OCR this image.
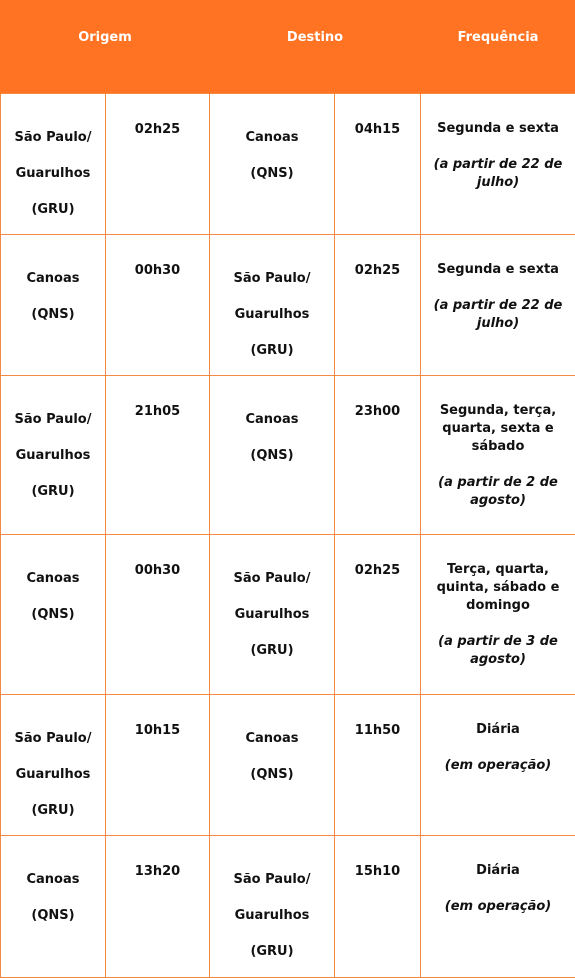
Origem		Destino		Frequência

São Paulo/
Guarulhos
(GRU)	02h25	Canoas
(QNS)	04h15	Segunda e sexta
(a partir de 22 de julho)

Canoas
(QNS)	00h30	São Paulo/
Guarulhos
(GRU)	02h25	Segunda e sexta
(a partir de 22 de julho)

São Paulo/
Guarulhos
(GRU)	21h05	Canoas
(QNS)	23h00	Segunda, terça, quarta, sexta e sábado
(a partir de 2 de agosto)

Canoas
(QNS)	00h30	São Paulo/
Guarulhos
(GRU)	02h25	Terça, quarta, quinta, sábado e domingo
(a partir de 3 de agosto)

São Paulo/
Guarulhos
(GRU)	10h15	Canoas
(QNS)	11h50	Diária
(em operação)

Canoas
(QNS)	13h20	São Paulo/
Guarulhos
(GRU)	15h10	Diária
(em operação)
